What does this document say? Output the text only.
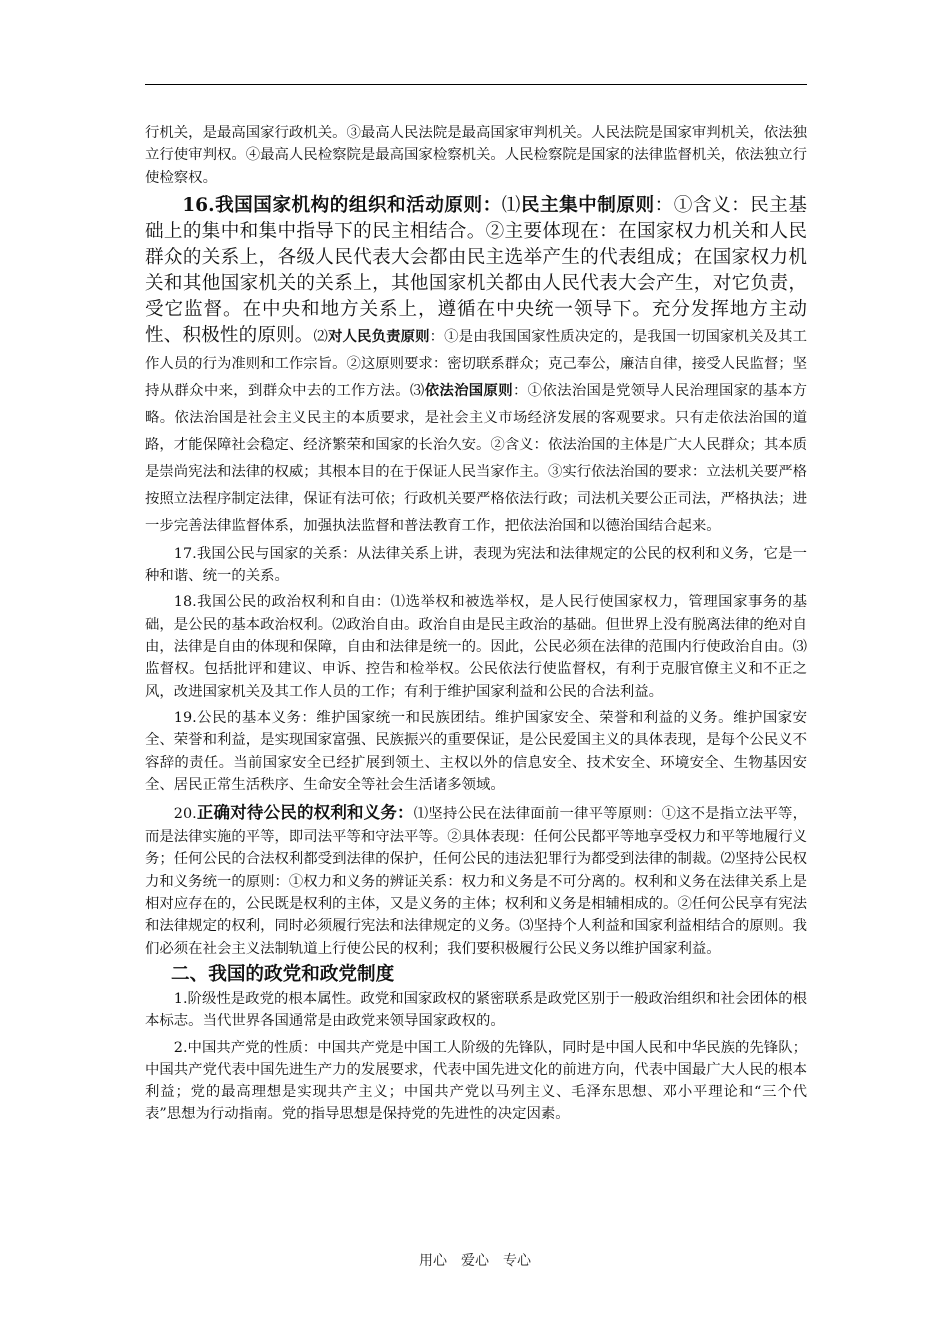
行机关，是最高国家行政机关。③最高人民法院是最高国家审判机关。人民法院是国家审判机关，依法独立行使审判权。④最高人民检察院是最高国家检察机关。人民检察院是国家的法律监督机关，依法独立行使检察权。

16.我国国家机构的组织和活动原则：⑴民主集中制原则：①含义：民主基础上的集中和集中指导下的民主相结合。②主要体现在：在国家权力机关和人民群众的关系上，各级人民代表大会都由民主选举产生的代表组成；在国家权力机关和其他国家机关的关系上，其他国家机关都由人民代表大会产生，对它负责，受它监督。在中央和地方关系上，遵循在中央统一领导下。充分发挥地方主动性、积极性的原则。⑵对人民负责原则：①是由我国国家性质决定的，是我国一切国家机关及其工作人员的行为准则和工作宗旨。②这原则要求：密切联系群众；克己奉公，廉洁自律，接受人民监督；坚持从群众中来，到群众中去的工作方法。⑶依法治国原则：①依法治国是党领导人民治理国家的基本方略。依法治国是社会主义民主的本质要求，是社会主义市场经济发展的客观要求。只有走依法治国的道路，才能保障社会稳定、经济繁荣和国家的长治久安。②含义：依法治国的主体是广大人民群众；其本质是崇尚宪法和法律的权威；其根本目的在于保证人民当家作主。③实行依法治国的要求：立法机关要严格按照立法程序制定法律，保证有法可依；行政机关要严格依法行政；司法机关要公正司法，严格执法；进一步完善法律监督体系，加强执法监督和普法教育工作，把依法治国和以德治国结合起来。

17.我国公民与国家的关系：从法律关系上讲，表现为宪法和法律规定的公民的权利和义务，它是一种和谐、统一的关系。

18.我国公民的政治权利和自由：⑴选举权和被选举权，是人民行使国家权力，管理国家事务的基础，是公民的基本政治权利。⑵政治自由。政治自由是民主政治的基础。但世界上没有脱离法律的绝对自由，法律是自由的体现和保障，自由和法律是统一的。因此，公民必须在法律的范围内行使政治自由。⑶监督权。包括批评和建议、申诉、控告和检举权。公民依法行使监督权，有利于克服官僚主义和不正之风，改进国家机关及其工作人员的工作；有利于维护国家利益和公民的合法利益。

19.公民的基本义务：维护国家统一和民族团结。维护国家安全、荣誉和利益的义务。维护国家安全、荣誉和利益，是实现国家富强、民族振兴的重要保证，是公民爱国主义的具体表现，是每个公民义不容辞的责任。当前国家安全已经扩展到领土、主权以外的信息安全、技术安全、环境安全、生物基因安全、居民正常生活秩序、生命安全等社会生活诸多领域。

20.正确对待公民的权利和义务：⑴坚持公民在法律面前一律平等原则：①这不是指立法平等，而是法律实施的平等，即司法平等和守法平等。②具体表现：任何公民都平等地享受权力和平等地履行义务；任何公民的合法权利都受到法律的保护，任何公民的违法犯罪行为都受到法律的制裁。⑵坚持公民权力和义务统一的原则：①权力和义务的辨证关系：权力和义务是不可分离的。权利和义务在法律关系上是相对应存在的，公民既是权利的主体，又是义务的主体；权利和义务是相辅相成的。②任何公民享有宪法和法律规定的权利，同时必须履行宪法和法律规定的义务。⑶坚持个人利益和国家利益相结合的原则。我们必须在社会主义法制轨道上行使公民的权利；我们要积极履行公民义务以维护国家利益。

二、我国的政党和政党制度

1.阶级性是政党的根本属性。政党和国家政权的紧密联系是政党区别于一般政治组织和社会团体的根本标志。当代世界各国通常是由政党来领导国家政权的。

2.中国共产党的性质：中国共产党是中国工人阶级的先锋队，同时是中国人民和中华民族的先锋队；中国共产党代表中国先进生产力的发展要求，代表中国先进文化的前进方向，代表中国最广大人民的根本利益；党的最高理想是实现共产主义；中国共产党以马列主义、毛泽东思想、邓小平理论和“三个代表”思想为行动指南。党的指导思想是保持党的先进性的决定因素。

用心　爱心　专心
